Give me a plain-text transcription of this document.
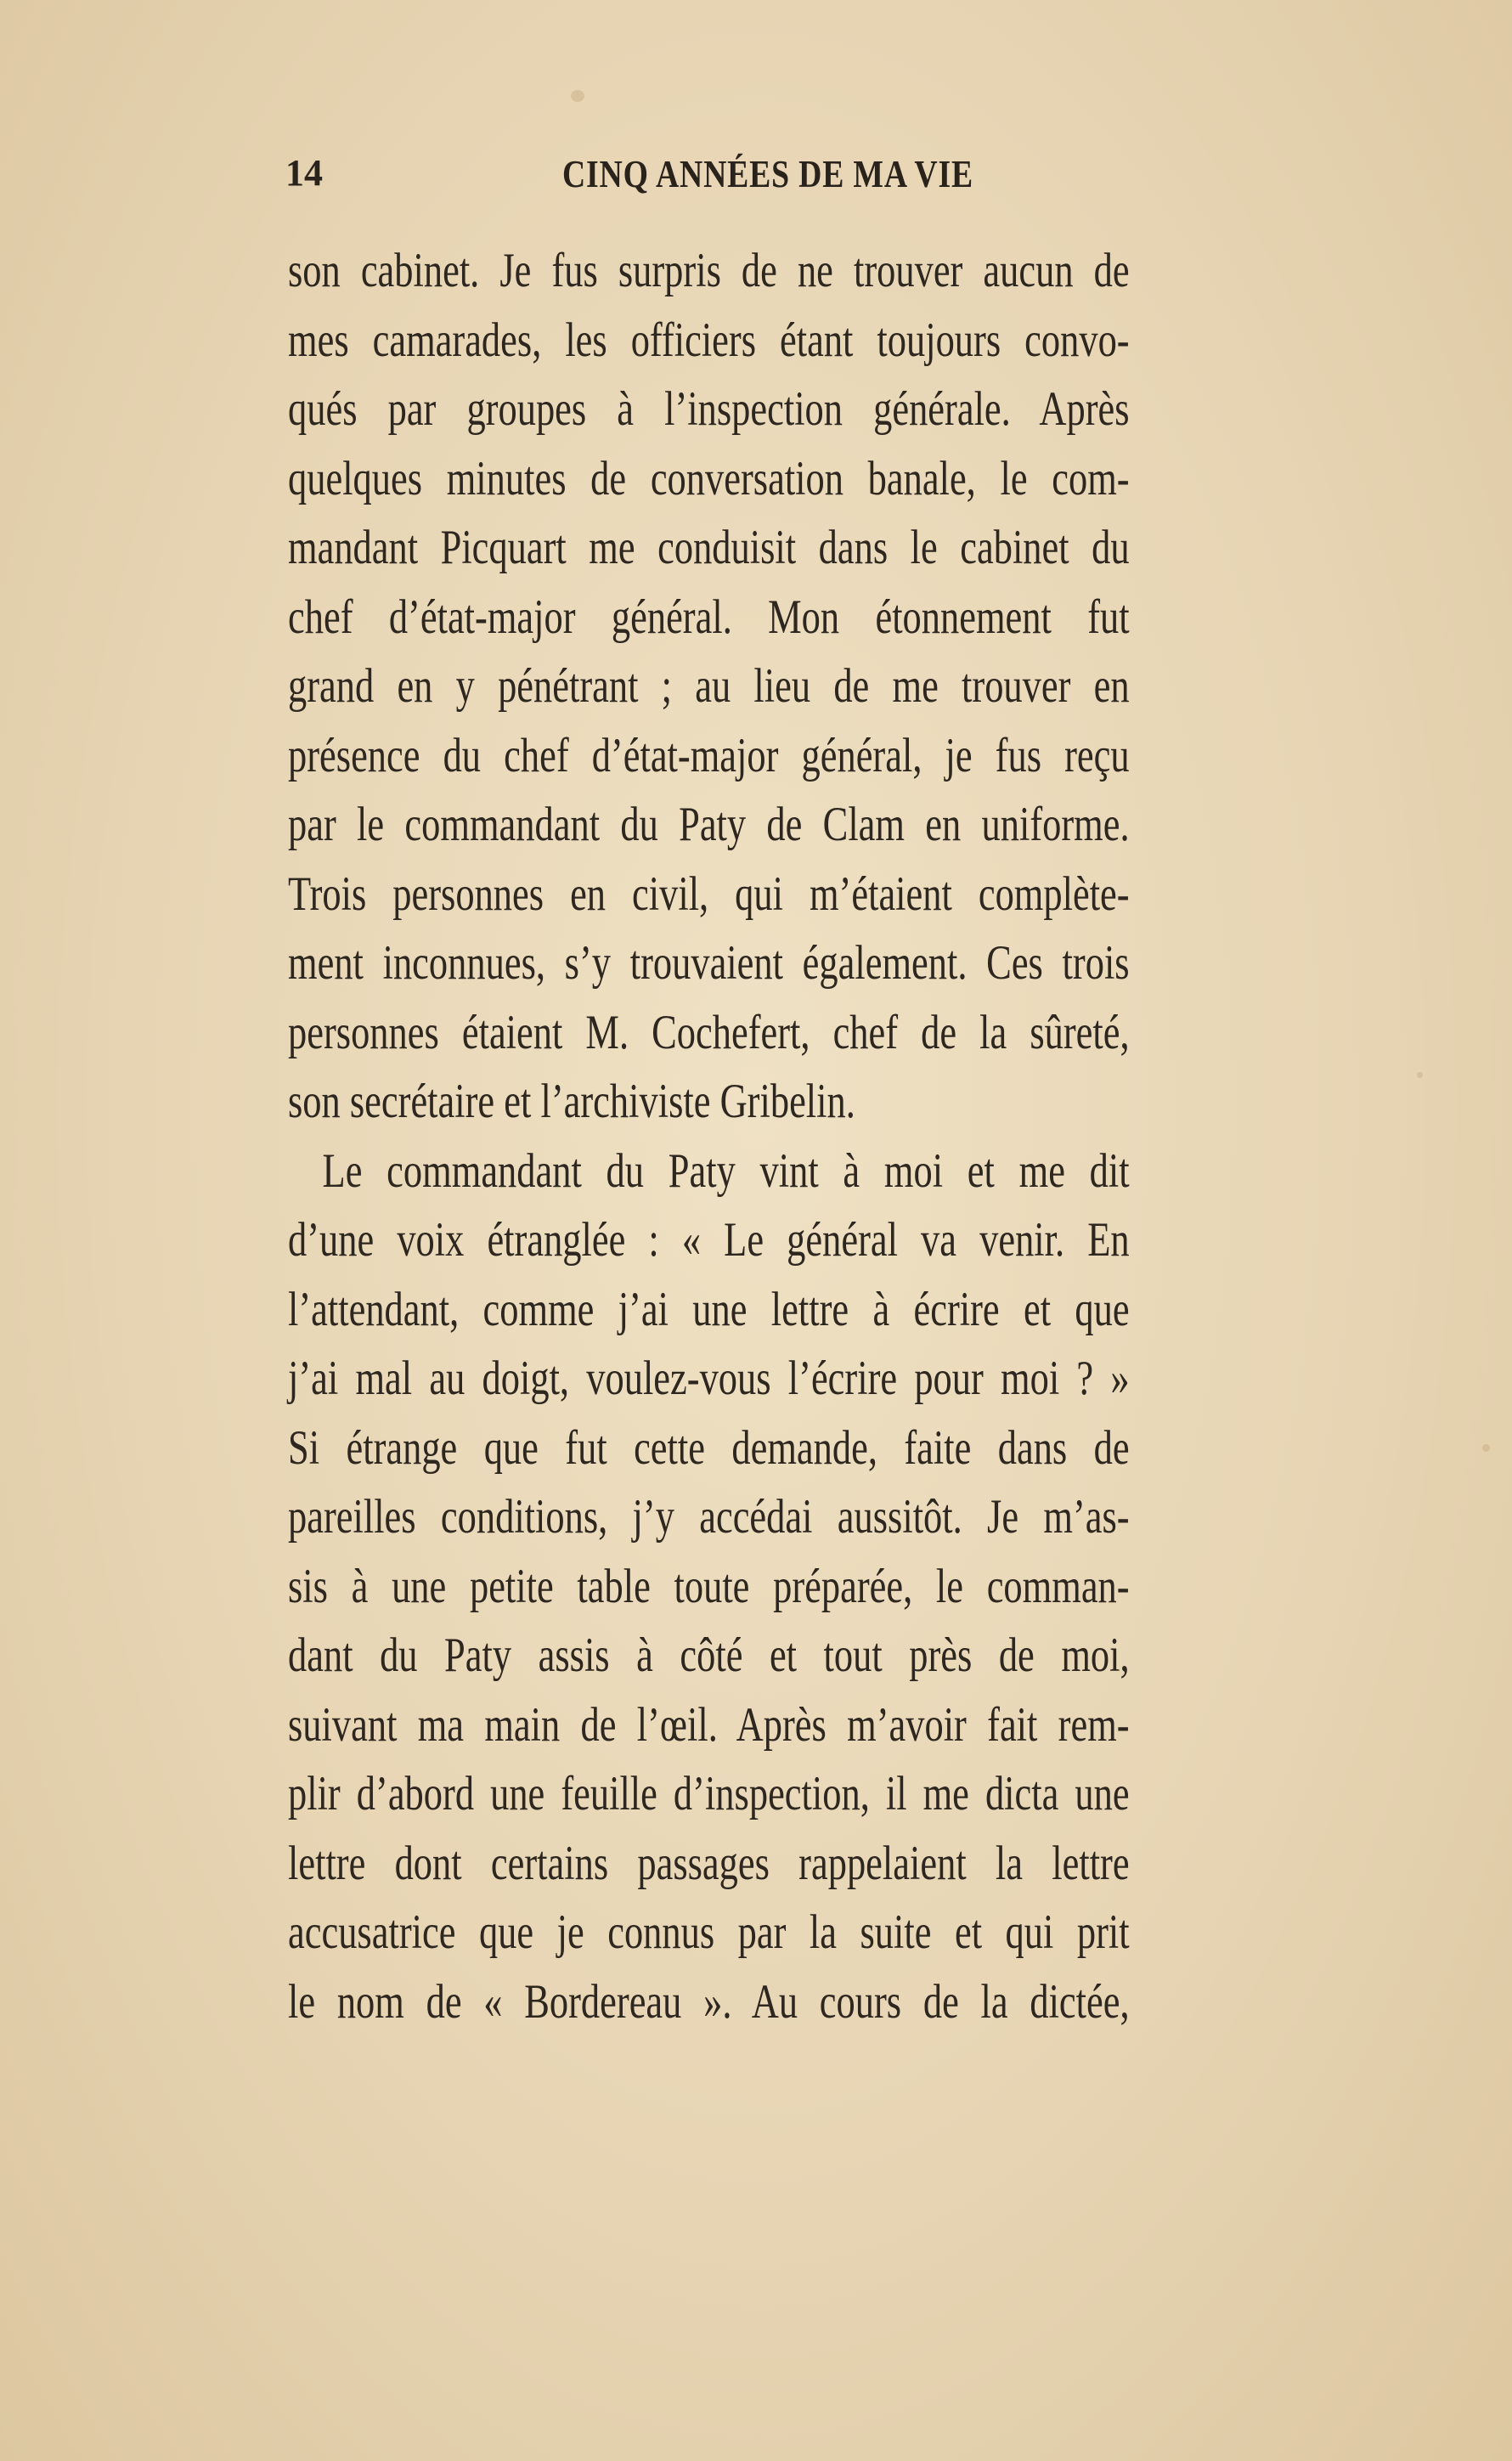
14	CINQ ANNÉES DE MA VIE
son cabinet. Je fus surpris de ne trouver aucun de
mes camarades, les officiers étant toujours convo-
qués par groupes à l’inspection générale. Après
quelques minutes de conversation banale, le com-
mandant Picquart me conduisit dans le cabinet du
chef d’état-major général. Mon étonnement fut
grand en y pénétrant ; au lieu de me trouver en
présence du chef d’état-major général, je fus reçu
par le commandant du Paty de Clam en uniforme.
Trois personnes en civil, qui m’étaient complète-
ment inconnues, s’y trouvaient également. Ces trois
personnes étaient M. Cochefert, chef de la sûreté,
son secrétaire et l’archiviste Gribelin.
Le commandant du Paty vint à moi et me dit
d’une voix étranglée : « Le général va venir. En
l’attendant, comme j’ai une lettre à écrire et que
j’ai mal au doigt, voulez-vous l’écrire pour moi ? »
Si étrange que fut cette demande, faite dans de
pareilles conditions, j’y accédai aussitôt. Je m’as-
sis à une petite table toute préparée, le comman-
dant du Paty assis à côté et tout près de moi,
suivant ma main de l’œil. Après m’avoir fait rem-
plir d’abord une feuille d’inspection, il me dicta une
lettre dont certains passages rappelaient la lettre
accusatrice que je connus par la suite et qui prit
le nom de « Bordereau ». Au cours de la dictée,
